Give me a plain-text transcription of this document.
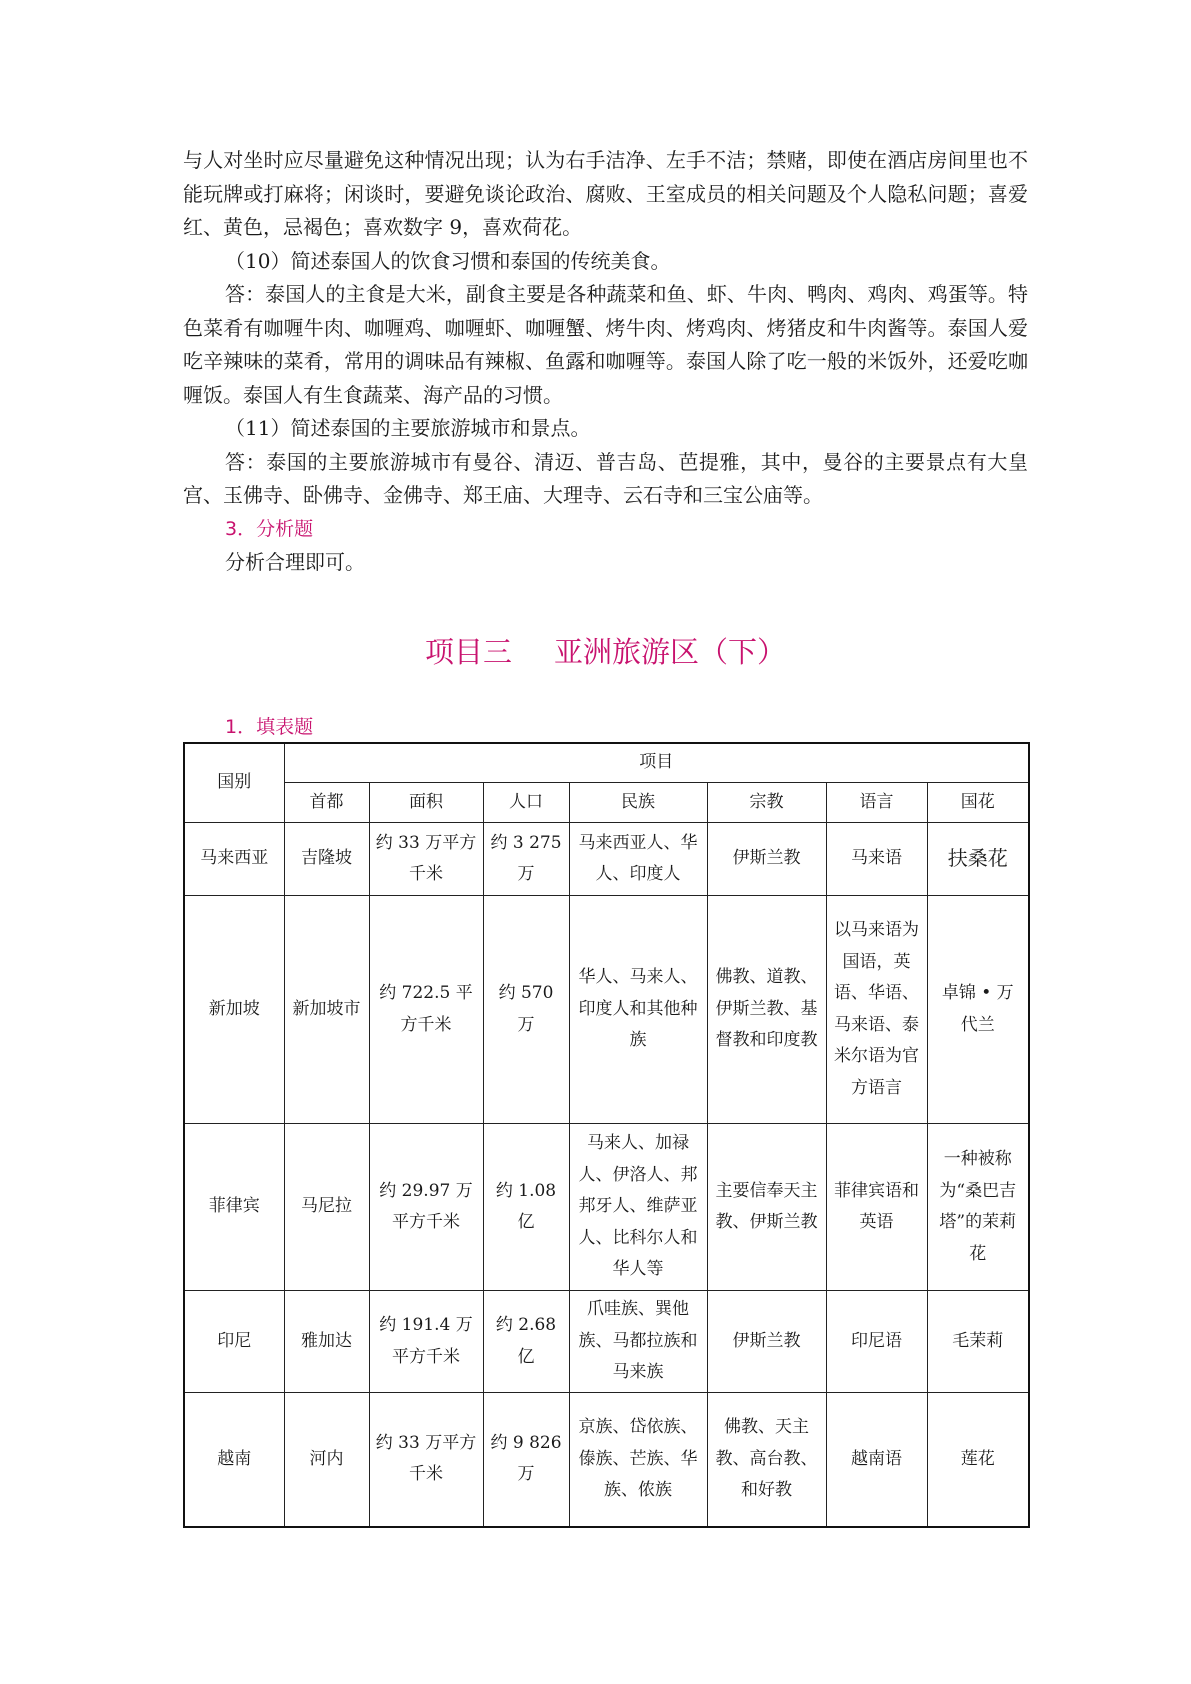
与人对坐时应尽量避免这种情况出现；认为右手洁净、左手不洁；禁赌，即使在酒店房间里也不能玩牌或打麻将；闲谈时，要避免谈论政治、腐败、王室成员的相关问题及个人隐私问题；喜爱红、黄色，忌褐色；喜欢数字 9，喜欢荷花。

（10）简述泰国人的饮食习惯和泰国的传统美食。

答：泰国人的主食是大米，副食主要是各种蔬菜和鱼、虾、牛肉、鸭肉、鸡肉、鸡蛋等。特色菜肴有咖喱牛肉、咖喱鸡、咖喱虾、咖喱蟹、烤牛肉、烤鸡肉、烤猪皮和牛肉酱等。泰国人爱吃辛辣味的菜肴，常用的调味品有辣椒、鱼露和咖喱等。泰国人除了吃一般的米饭外，还爱吃咖喱饭。泰国人有生食蔬菜、海产品的习惯。

（11）简述泰国的主要旅游城市和景点。

答：泰国的主要旅游城市有曼谷、清迈、普吉岛、芭提雅，其中，曼谷的主要景点有大皇宫、玉佛寺、卧佛寺、金佛寺、郑王庙、大理寺、云石寺和三宝公庙等。

3．分析题

分析合理即可。

项目三 亚洲旅游区（下）
1．填表题
国别	项目						
	首都	面积	人口	民族	宗教	语言	国花
马来西亚	吉隆坡	约 33 万平方千米	约 3 275 万	马来西亚人、华人、印度人	伊斯兰教	马来语	扶桑花
新加坡	新加坡市	约 722.5 平方千米	约 570 万	华人、马来人、印度人和其他种族	佛教、道教、伊斯兰教、基督教和印度教	以马来语为国语，英语、华语、马来语、泰米尔语为官方语言	卓锦 • 万代兰
菲律宾	马尼拉	约 29.97 万平方千米	约 1.08 亿	马来人、加禄人、伊洛人、邦邦牙人、维萨亚人、比科尔人和华人等	主要信奉天主教、伊斯兰教	菲律宾语和英语	一种被称为“桑巴吉塔”的茉莉花
印尼	雅加达	约 191.4 万平方千米	约 2.68 亿	爪哇族、巽他族、马都拉族和马来族	伊斯兰教	印尼语	毛茉莉
越南	河内	约 33 万平方千米	约 9 826 万	京族、岱依族、傣族、芒族、华族、侬族	佛教、天主教、高台教、和好教	越南语	莲花
